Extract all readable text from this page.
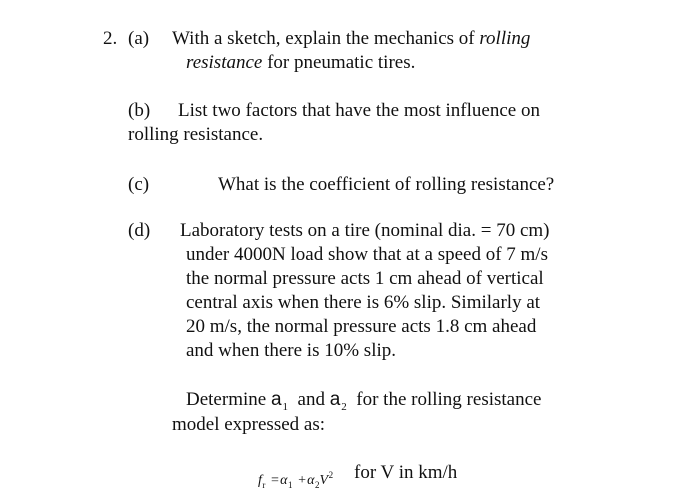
2. (a) With a sketch, explain the mechanics of rolling
resistance for pneumatic tires.
(b) List two factors that have the most influence on
rolling resistance.
(c)	What is the coefficient of rolling resistance?
(d) Laboratory tests on a tire (nominal dia. = 70 cm)
under 4000N load show that at a speed of 7 m/s
the normal pressure acts 1 cm ahead of vertical
central axis when there is 6% slip. Similarly at
20 m/s, the normal pressure acts 1.8 cm ahead
and when there is 10% slip.
Determine $a_1$ and $a_2$ for the rolling resistance
model expressed as:
$f_r =\alpha_1 +\alpha_2V^2$ for V in km/h
